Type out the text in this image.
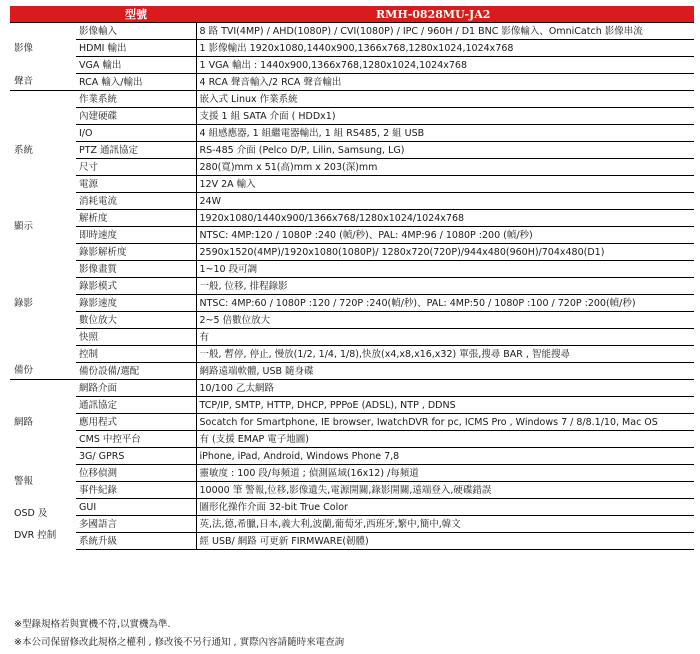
	型號	RMH-0828MU-JA2
影像	影像輸入	8 路 TVI(4MP) / AHD(1080P) / CVI(1080P) / IPC / 960H / D1 BNC 影像輸入、OmniCatch 影像串流
	HDMI 輸出	1 影像輸出 1920x1080,1440x900,1366x768,1280x1024,1024x768
	VGA 輸出	1 VGA 輸出 : 1440x900,1366x768,1280x1024,1024x768
聲音	RCA 輸入/輸出	4 RCA 聲音輸入/2 RCA 聲音輸出
系統	作業系統	嵌入式 Linux 作業系統
	內建硬碟	支援 1 組 SATA 介面 ( HDDx1)
	I/O	4 組感應器, 1 組繼電器輸出, 1 組 RS485, 2 組 USB
	PTZ 通訊協定	RS-485 介面 (Pelco D/P, Lilin, Samsung, LG)
	尺寸	280(寬)mm x 51(高)mm x 203(深)mm
	電源	12V 2A 輸入
	消耗電流	24W
顯示	解析度	1920x1080/1440x900/1366x768/1280x1024/1024x768
	即時速度	NTSC: 4MP:120 / 1080P :240 (幀/秒)、PAL: 4MP:96 / 1080P :200 (幀/秒)
錄影	錄影解析度	2590x1520(4MP)/1920x1080(1080P)/ 1280x720(720P)/944x480(960H)/704x480(D1)
	影像畫質	1~10 段可調
	錄影模式	一般, 位移, 排程錄影
	錄影速度	NTSC: 4MP:60 / 1080P :120 / 720P :240(幀/秒)、PAL: 4MP:50 / 1080P :100 / 720P :200(幀/秒)
	數位放大	2~5 倍數位放大
	快照	有
	控制	一般, 暫停, 停止, 慢放(1/2, 1/4, 1/8),快放(x4,x8,x16,x32) 單張,搜尋 BAR , 智能搜尋
備份	備份設備/選配	網路遠端軟體, USB 隨身碟
網路	網路介面	10/100 乙太網路
	通訊協定	TCP/IP, SMTP, HTTP, DHCP, PPPoE (ADSL), NTP , DDNS
	應用程式	Socatch for Smartphone, IE browser, IwatchDVR for pc, ICMS Pro , Windows 7 / 8/8.1/10, Mac OS
	CMS 中控平台	有 (支援 EMAP 電子地圖)
	3G/ GPRS	iPhone, iPad, Android, Windows Phone 7,8
警報	位移偵測	靈敏度 : 100 段/每頻道 ; 偵測區域(16x12) /每頻道
	事件紀錄	10000 筆 警報,位移,影像遺失,電源開關,錄影開關,遠端登入,硬碟錯誤

OSD 及
DVR 控制	GUI	圖形化操作介面 32-bit True Color
	多國語言	英,法,德,希臘,日本,義大利,波蘭,葡萄牙,西班牙,繁中,簡中,韓文
	系統升級	經 USB/ 網路 可更新 FIRMWARE(韌體)
※型錄規格若與實機不符,以實機為準.
※本公司保留修改此規格之權利 , 修改後不另行通知 , 實際內容請隨時來電查詢
